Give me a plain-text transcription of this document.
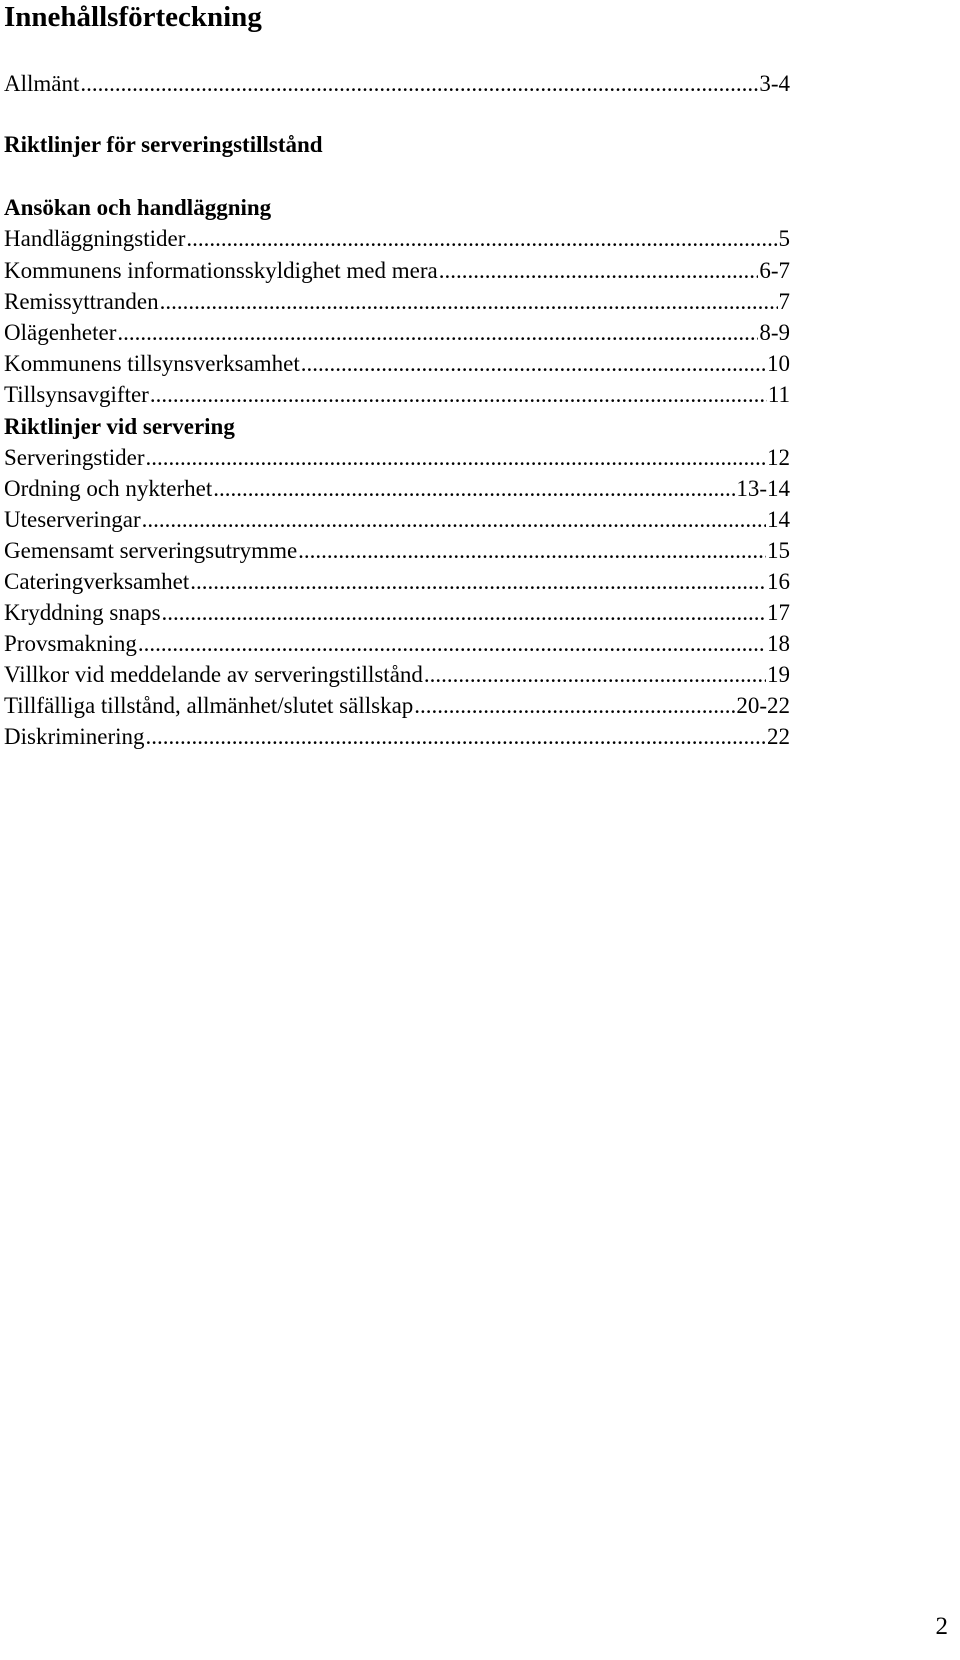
Innehållsförteckning
Allmänt .....	3-4
Riktlinjer för serveringstillstånd
Ansökan och handläggning
Handläggningstider .....	5
Kommunens informationsskyldighet med mera .....	6-7
Remissyttranden .....	7
Olägenheter .....	8-9
Kommunens tillsynsverksamhet .....	10
Tillsynsavgifter .....	11
Riktlinjer vid servering
Serveringstider .....	12
Ordning och nykterhet .....	13-14
Uteserveringar .....	14
Gemensamt serveringsutrymme .....	15
Cateringverksamhet .....	16
Kryddning snaps .....	17
Provsmakning .....	18
Villkor vid meddelande av serveringstillstånd .....	19
Tillfälliga tillstånd, allmänhet/slutet sällskap .....	20-22
Diskriminering .....	22
2
